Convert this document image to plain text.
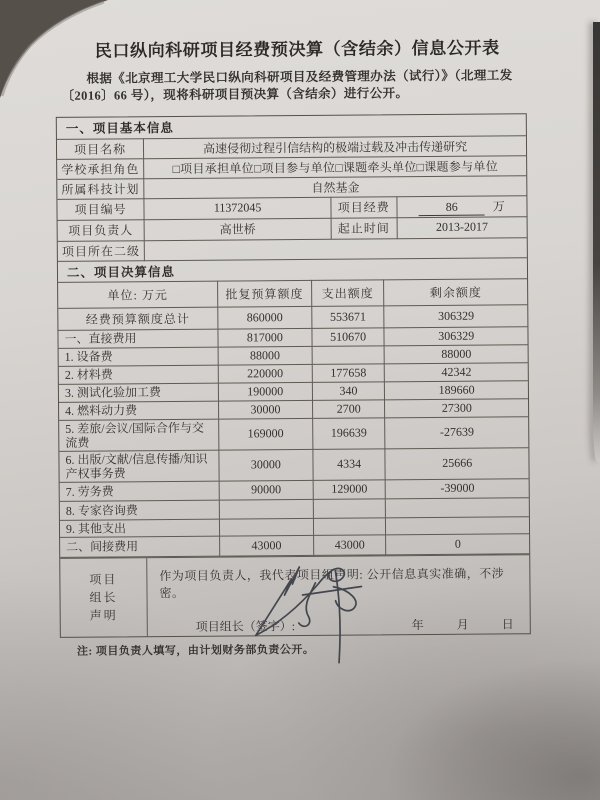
民口纵向科研项目经费预决算（含结余）信息公开表

根据《北京理工大学民口纵向科研项目及经费管理办法（试行）》（北理工发
〔2016〕66 号），现将科研项目预决算（含结余）进行公开。

一、项目基本信息			
项目名称	高速侵彻过程引信结构的极端过载及冲击传递研究		
学校承担角色	□项目承担单位□项目参与单位□课题牵头单位□课题参与单位		
所属科技计划	自然基金		
项目编号	11372045	项目经费	86 万
项目负责人	高世桥	起止时间	2013-2017
项目所在二级			
二、项目决算信息			
单位: 万元	批复预算额度	支出额度	剩余额度
经费预算额度总计	860000	553671	306329
一、直接费用	817000	510670	306329
1. 设备费	88000		88000
2. 材料费	220000	177658	42342
3. 测试化验加工费	190000	340	189660
4. 燃料动力费	30000	2700	27300
5. 差旅/会议/国际合作与交流费	169000	196639	-27639
6. 出版/文献/信息传播/知识产权事务费	30000	4334	25666
7. 劳务费	90000	129000	-39000
8. 专家咨询费			
9. 其他支出			
二、间接费用	43000	43000	0
项目
组长
声明
作为项目负责人，我代表项目组声明: 公开信息真实准确，不涉密。
项目组长（签字）:	年	月	日
注: 项目负责人填写，由计划财务部负责公开。
